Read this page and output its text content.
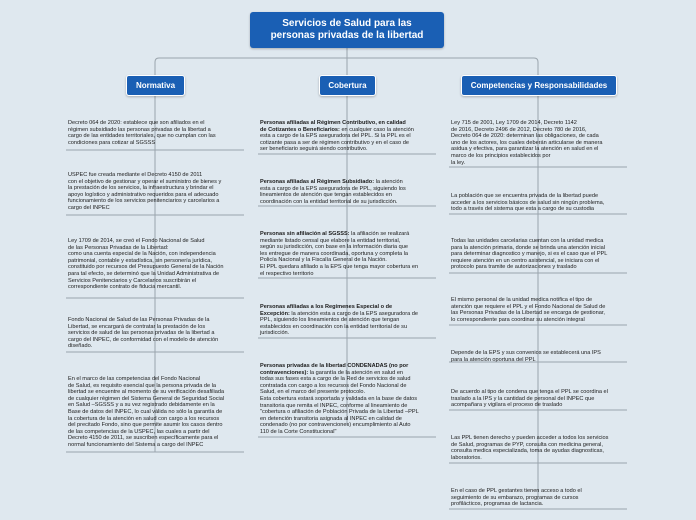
Servicios de Salud para las
personas privadas de la libertad
Normativa	Cobertura	Competencias y Responsabilidades
Decreto 064 de 2020: establece que son afiliados en el
régimen subsidiado las personas privadas de la libertad a
cargo de las entidades territoriales, que no cumplan con las
condiciones para cotizar al SGSSS
USPEC fue creada mediante el Decreto 4150 de 2011
con el objetivo de gestionar y operar el suministro de bienes y
la prestación de los servicios, la infraestructura y brindar el
apoyo logístico y administrativo requeridos para el adecuado
funcionamiento de los servicios penitenciarios y carcelarios a
cargo del INPEC
Ley 1709 de 2014, se creó el Fondo Nacional de Salud
de las Personas Privadas de la Libertad:
como una cuenta especial de la Nación, con independencia
patrimonial, contable y estadística, sin personería jurídica,
constituido por recursos del Presupuesto General de la Nación
para tal efecto, se determinó que la Unidad Administrativa de
Servicios Penitenciarios y Carcelarios suscribirán el
correspondiente contrato de fiducia mercantil.
Fondo Nacional de Salud de las Personas Privadas de la
Libertad, se encargará de contratar la prestación de los
servicios de salud de las personas privadas de la libertad a
cargo del INPEC, de conformidad con el modelo de atención
diseñado.
En el marco de las competencias del Fondo Nacional
de Salud, es requisito esencial que la persona privada de la
libertad se encuentre al momento de su verificación desafiliada
de cualquier régimen del Sistema General de Seguridad Social
en Salud –SGSSS y a su vez registrado debidamente en la
Base de datos del INPEC, lo cual válida no sólo la garantía de
la cobertura de la atención en salud con cargo a los recursos
del precitado Fondo, sino que permite asumir los casos dentro
de las competencias de la USPEC, las cuales a partir del
Decreto 4150 de 2011, se suscriben específicamente para el
normal funcionamiento del Sistema a cargo del INPEC
Personas afiliadas al Régimen Contributivo, en calidad
de Cotizantes o Beneficiarios: en cualquier caso la atención
esta a cargo de la EPS aseguradora del PPL. Si la PPL es el
cotizante pasa a ser de régimen contributivo y en el caso de
ser beneficiario seguirá siendo contributivo.
Personas afiliadas al Régimen Subsidiado: la atención
esta a cargo de la EPS aseguradora de PPL, siguiendo los
lineamientos de atención que tengan establecidos en
coordinación con la entidad territorial de su jurisdicción.
Personas sin afiliación al SGSSS: la afiliación se realizará
mediante listado censal que elabore la entidad territorial,
según su jurisdicción, con base en la información diaria que
les entregue de manera coordinada, oportuna y completa la
Policía Nacional y la Fiscalía General de la Nación.
El PPL quedara afiliado a la EPS que tenga mayor cobertura en
el respectivo territorio
Personas afiliadas a los Regímenes Especial o de
Excepción: la atención esta a cargo de la EPS aseguradora de
PPL, siguiendo los lineamientos de atención que tengan
establecidos en coordinación con la entidad territorial de su
jurisdicción.
Personas privadas de la libertad CONDENADAS (no por
contravenciones): la garantía de la atención en salud en
todas sus fases esta a cargo de la Red de servicios de salud
contratada con cargo a los recursos del Fondo Nacional de
Salud, en el marco del presente protocolo.
Esta cobertura estará soportada y validada en la base de datos
transitoria que remita el INPEC, conforme al lineamiento de
"cobertura o afiliación de Población Privada de la Libertad –PPL
en detención transitoria asignada al INPEC en calidad de
condenado (no por contravenciones) encumplimiento al Auto
110 de la Corte Constitucional"
Ley 715 de 2001, Ley 1709 de 2014, Decreto 1142
de 2016, Decreto 2496 de 2012, Decreto 780 de 2016,
Decreto 064 de 2020: determinan las obligaciones, de cada
uno de los actores, los cuales deberán articularse de manera
asidua y efectiva, para garantizar la atención en salud en el
marco de los principios establecidos por
la ley.
La población que se encuentra privada de la libertad puede
acceder a los servicios básicos de salud sin ningún problema,
todo a través del sistema que esta a cargo de su custodia
Todas las unidades carcelarias cuentan con la unidad medica
para la atención primaria, donde se brinda una atención inicial
para determinar diagnostico y manejo, si es el caso que el PPL
requiere atención en un centro asistencial, se iniciara con el
protocolo para tramite de autorizaciones y traslado
El mismo personal de la unidad medica notifica el tipo de
atención que requiere el PPL y el Fondo Nacional de Salud de
las Personas Privadas de la Libertad se encarga de gestionar,
lo correspondiente para coordinar su atención integral
Depende de la EPS y sus convenios se establecerá una IPS
para la atención oportuna del PPL
De acuerdo al tipo de condena que tenga el PPL se coordina el
traslado a la IPS y la cantidad de personal del INPEC que
acompañara y vigilara el proceso de traslado
Las PPL tienen derecho y pueden acceder a todos los servicios
de Salud, programas de PYP, consulta con medicina general,
consulta medica especializada, toma de ayudas diagnosticas,
laboratorios.
En el caso de PPL gestantes tienen acceso a todo el
seguimiento de su embarazo, programas de cursos
profilácticos, programas de lactancia.
